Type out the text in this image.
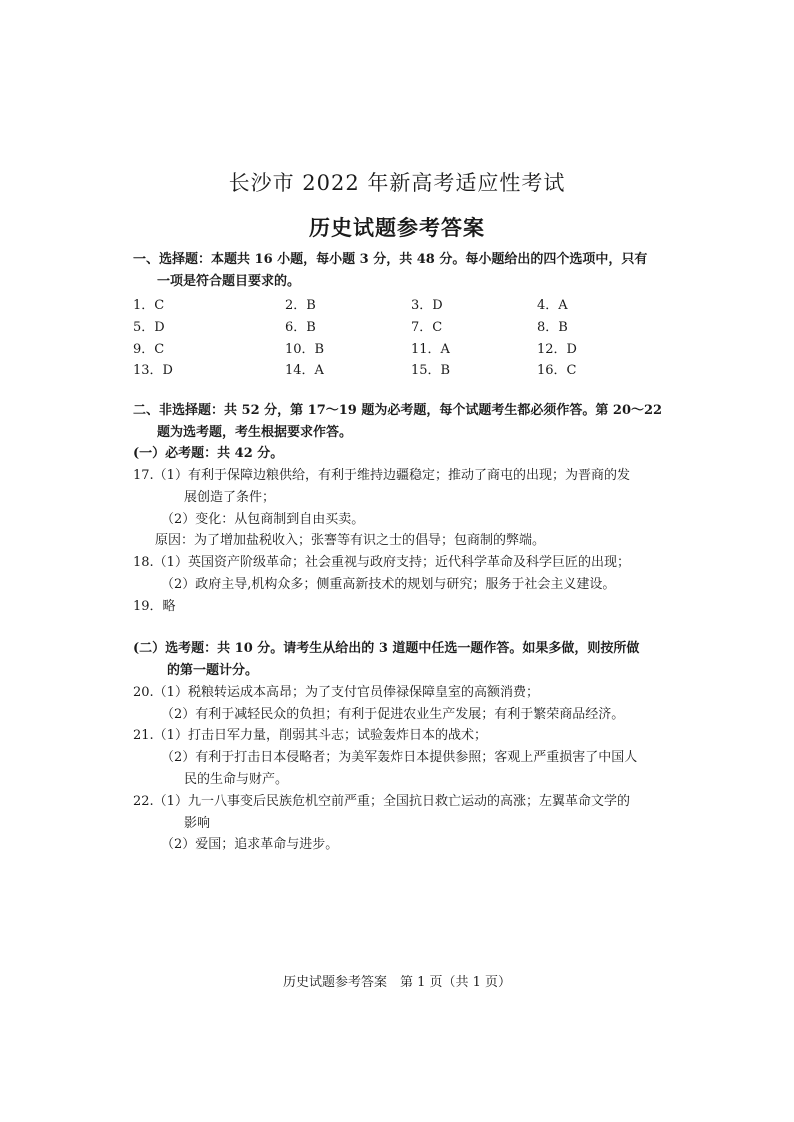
长沙市 2022 年新高考适应性考试
历史试题参考答案
一、选择题：本题共 16 小题，每小题 3 分，共 48 分。每小题给出的四个选项中，只有
一项是符合题目要求的。
1．C	2．B	3．D	4．A
5．D	6．B	7．C	8．B
9．C	10．B	11．A	12．D
13．D	14．A	15．B	16．C
二、非选择题：共 52 分，第 17～19 题为必考题，每个试题考生都必须作答。第 20～22
题为选考题，考生根据要求作答。
(一）必考题：共 42 分。
17.（1）有利于保障边粮供给，有利于维持边疆稳定；推动了商屯的出现；为晋商的发
展创造了条件；
（2）变化：从包商制到自由买卖。
原因：为了增加盐税收入；张謇等有识之士的倡导；包商制的弊端。
18.（1）英国资产阶级革命；社会重视与政府支持；近代科学革命及科学巨匠的出现；
（2）政府主导,机构众多；侧重高新技术的规划与研究；服务于社会主义建设。
19．略
(二）选考题：共 10 分。请考生从给出的 3 道题中任选一题作答。如果多做，则按所做
的第一题计分。
20.（1）税粮转运成本高昂；为了支付官员俸禄保障皇室的高额消费；
（2）有利于减轻民众的负担；有利于促进农业生产发展；有利于繁荣商品经济。
21.（1）打击日军力量，削弱其斗志；试验轰炸日本的战术；
（2）有利于打击日本侵略者；为美军轰炸日本提供参照；客观上严重损害了中国人
民的生命与财产。
22.（1）九一八事变后民族危机空前严重；全国抗日救亡运动的高涨；左翼革命文学的
影响
（2）爱国；追求革命与进步。
历史试题参考答案　第 1 页（共 1 页）
